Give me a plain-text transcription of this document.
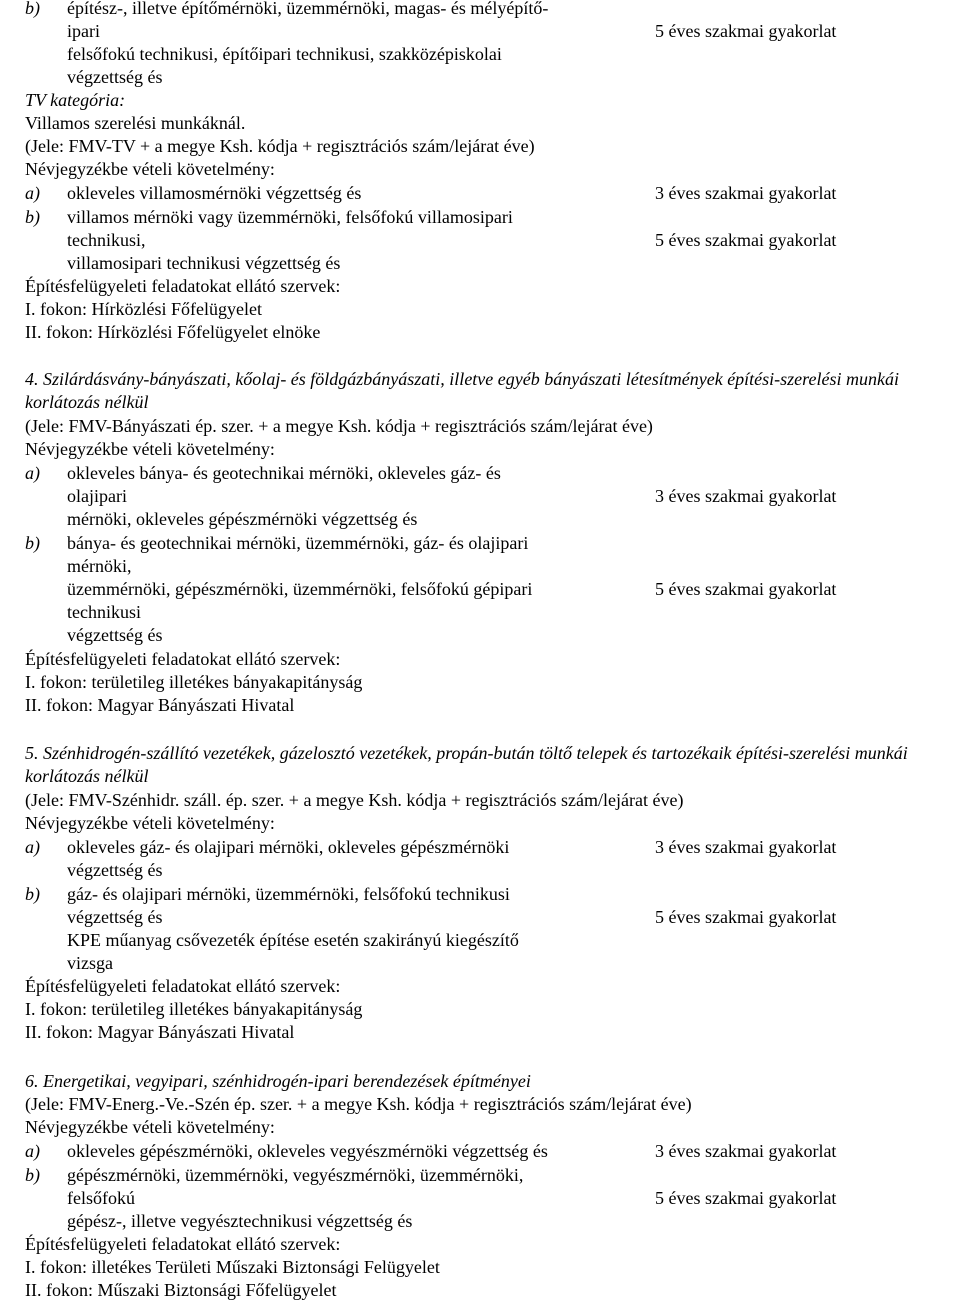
b) építész-, illetve építőmérnöki, üzemmérnöki, magas- és mélyépítő-
ipari	5 éves szakmai gyakorlat
felsőfokú technikusi, építőipari technikusi, szakközépiskolai
végzettség és
TV kategória:
Villamos szerelési munkáknál.
(Jele: FMV-TV + a megye Ksh. kódja + regisztrációs szám/lejárat éve)
Névjegyzékbe vételi követelmény:
a) okleveles villamosmérnöki végzettség és	3 éves szakmai gyakorlat
b) villamos mérnöki vagy üzemmérnöki, felsőfokú villamosipari
technikusi,	5 éves szakmai gyakorlat
villamosipari technikusi végzettség és
Építésfelügyeleti feladatokat ellátó szervek:
I. fokon: Hírközlési Főfelügyelet
II. fokon: Hírközlési Főfelügyelet elnöke
4. Szilárdásvány-bányászati, kőolaj- és földgázbányászati, illetve egyéb bányászati létesítmények építési-szerelési munkái korlátozás nélkül
(Jele: FMV-Bányászati ép. szer. + a megye Ksh. kódja + regisztrációs szám/lejárat éve)
Névjegyzékbe vételi követelmény:
a) okleveles bánya- és geotechnikai mérnöki, okleveles gáz- és
olajipari	3 éves szakmai gyakorlat
mérnöki, okleveles gépészmérnöki végzettség és
b) bánya- és geotechnikai mérnöki, üzemmérnöki, gáz- és olajipari
mérnöki,
üzemmérnöki, gépészmérnöki, üzemmérnöki, felsőfokú gépipari	5 éves szakmai gyakorlat
technikusi
végzettség és
Építésfelügyeleti feladatokat ellátó szervek:
I. fokon: területileg illetékes bányakapitányság
II. fokon: Magyar Bányászati Hivatal
5. Szénhidrogén-szállító vezetékek, gázelosztó vezetékek, propán-bután töltő telepek és tartozékaik építési-szerelési munkái korlátozás nélkül
(Jele: FMV-Szénhidr. száll. ép. szer. + a megye Ksh. kódja + regisztrációs szám/lejárat éve)
Névjegyzékbe vételi követelmény:
a) okleveles gáz- és olajipari mérnöki, okleveles gépészmérnöki	3 éves szakmai gyakorlat
végzettség és
b) gáz- és olajipari mérnöki, üzemmérnöki, felsőfokú technikusi
végzettség és	5 éves szakmai gyakorlat
KPE műanyag csővezeték építése esetén szakirányú kiegészítő
vizsga
Építésfelügyeleti feladatokat ellátó szervek:
I. fokon: területileg illetékes bányakapitányság
II. fokon: Magyar Bányászati Hivatal
6. Energetikai, vegyipari, szénhidrogén-ipari berendezések építményei
(Jele: FMV-Energ.-Ve.-Szén ép. szer. + a megye Ksh. kódja + regisztrációs szám/lejárat éve)
Névjegyzékbe vételi követelmény:
a) okleveles gépészmérnöki, okleveles vegyészmérnöki végzettség és	3 éves szakmai gyakorlat
b) gépészmérnöki, üzemmérnöki, vegyészmérnöki, üzemmérnöki,
felsőfokú	5 éves szakmai gyakorlat
gépész-, illetve vegyésztechnikusi végzettség és
Építésfelügyeleti feladatokat ellátó szervek:
I. fokon: illetékes Területi Műszaki Biztonsági Felügyelet
II. fokon: Műszaki Biztonsági Főfelügyelet
